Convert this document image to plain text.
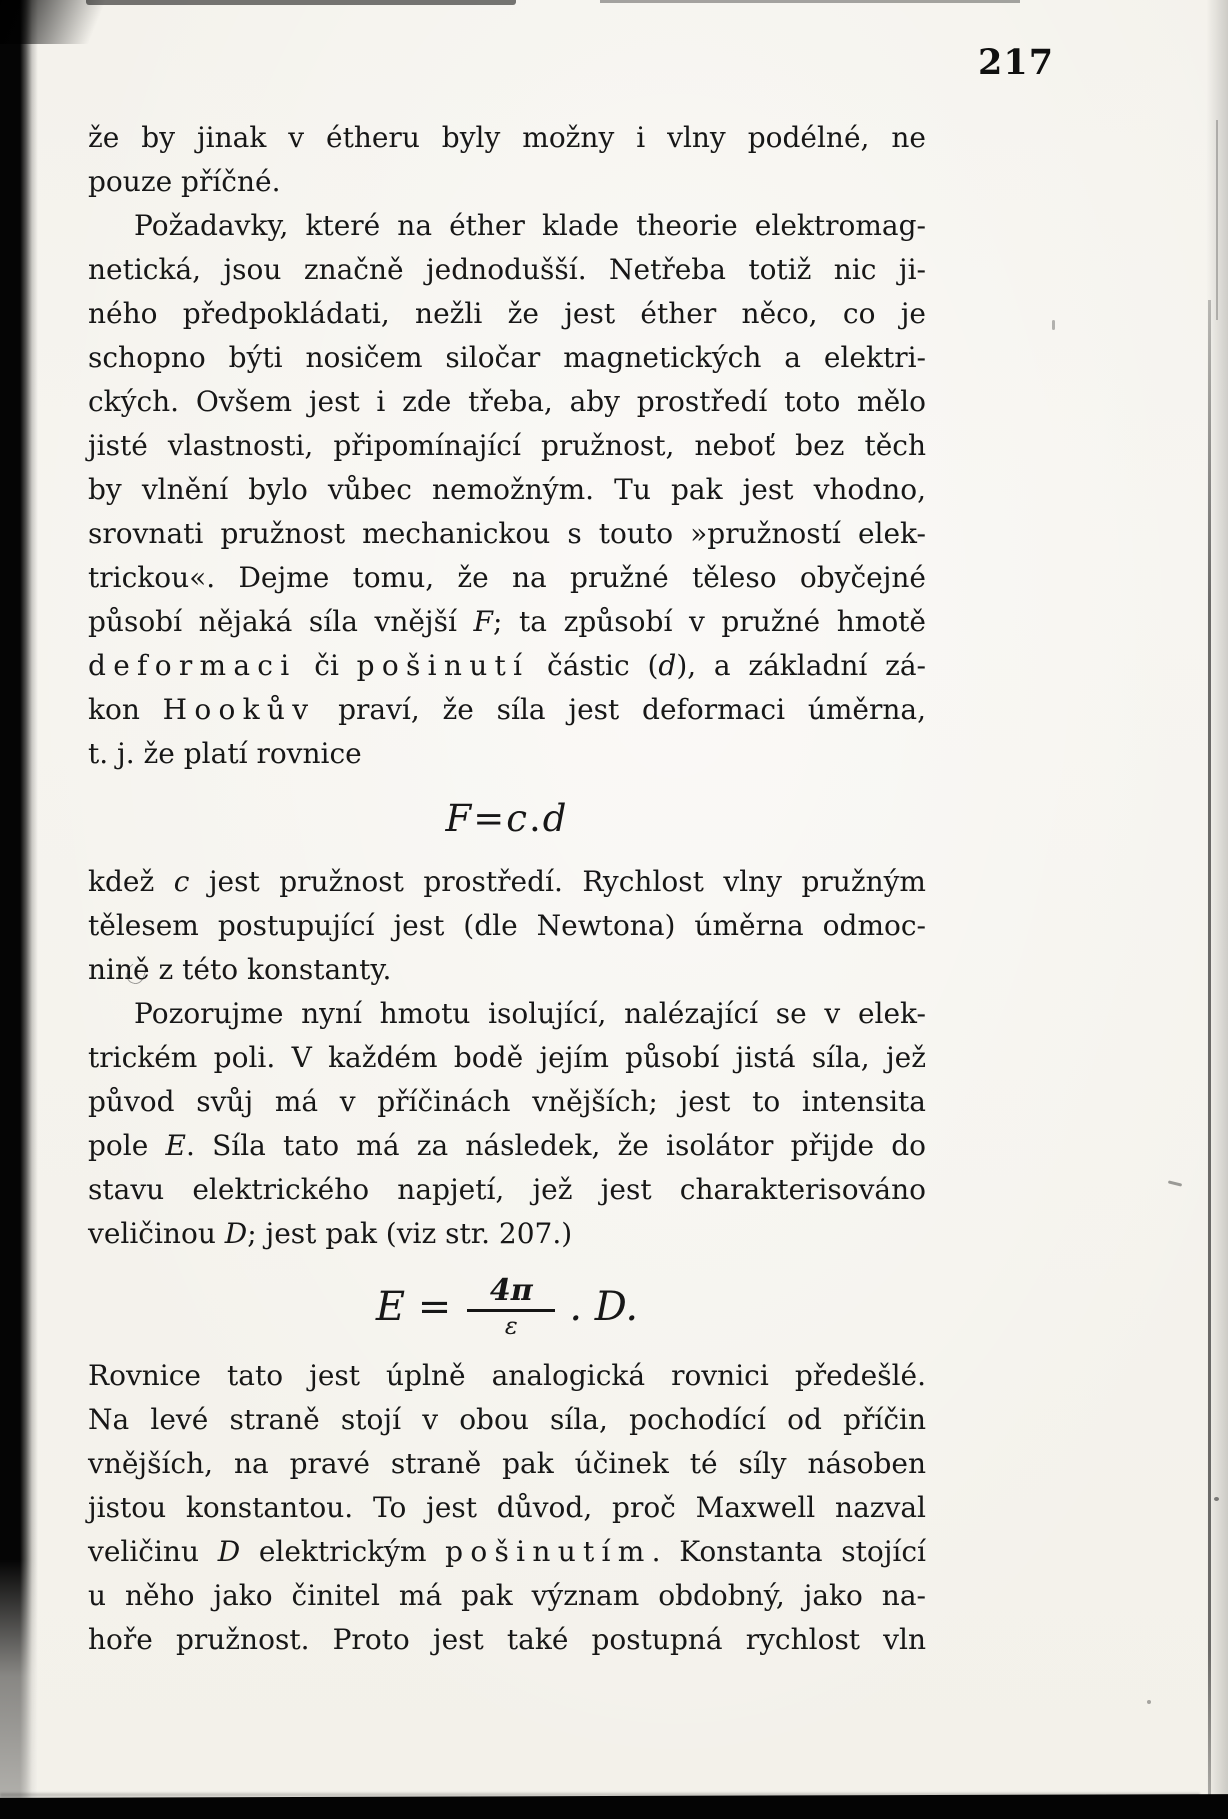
217
že by jinak v étheru byly možny i vlny podélné, ne
pouze příčné.
Požadavky, které na éther klade theorie elektromag-
netická, jsou značně jednodušší. Netřeba totiž nic ji-
ného předpokládati, nežli že jest éther něco, co je
schopno býti nosičem siločar magnetických a elektri-
ckých. Ovšem jest i zde třeba, aby prostředí toto mělo
jisté vlastnosti, připomínající pružnost, neboť bez těch
by vlnění bylo vůbec nemožným. Tu pak jest vhodno,
srovnati pružnost mechanickou s touto »pružností elek-
trickou«. Dejme tomu, že na pružné těleso obyčejné
působí nějaká síla vnější F; ta způsobí v pružné hmotě
deformaci či pošinutí částic (d), a základní zá-
kon Hookův praví, že síla jest deformaci úměrna,
t. j. že platí rovnice
F = c . d
kdež c jest pružnost prostředí. Rychlost vlny pružným
tělesem postupující jest (dle Newtona) úměrna odmoc-
nině z této konstanty.
Pozorujme nyní hmotu isolující, nalézající se v elek-
trickém poli. V každém bodě jejím působí jistá síla, jež
původ svůj má v příčinách vnějších; jest to intensita
pole E. Síla tato má za následek, že isolátor přijde do
stavu elektrického napjetí, jež jest charakterisováno
veličinou D; jest pak (viz str. 207.)
$E = \frac{4\pi}{\varepsilon}$ . D.
Rovnice tato jest úplně analogická rovnici předešlé.
Na levé straně stojí v obou síla, pochodící od příčin
vnějších, na pravé straně pak účinek té síly násoben
jistou konstantou. To jest důvod, proč Maxwell nazval
veličinu D elektrickým pošinutím. Konstanta stojící
u něho jako činitel má pak význam obdobný, jako na-
hoře pružnost. Proto jest také postupná rychlost vln
